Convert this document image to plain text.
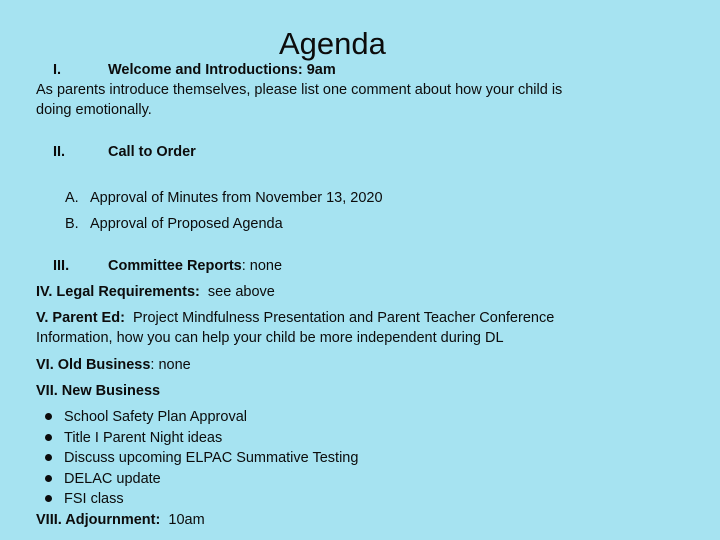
Agenda
I.	Welcome and Introductions: 9am
As parents introduce themselves, please list one comment about how your child is
doing emotionally.
II.	Call to Order
A. Approval of Minutes from November 13, 2020
B. Approval of Proposed Agenda
III.	Committee Reports: none
IV. Legal Requirements: see above
V. Parent Ed: Project Mindfulness Presentation and Parent Teacher Conference
Information, how you can help your child be more independent during DL
VI. Old Business: none
VII. New Business
School Safety Plan Approval
Title I Parent Night ideas
Discuss upcoming ELPAC Summative Testing
DELAC update
FSI class
VIII. Adjournment: 10am
